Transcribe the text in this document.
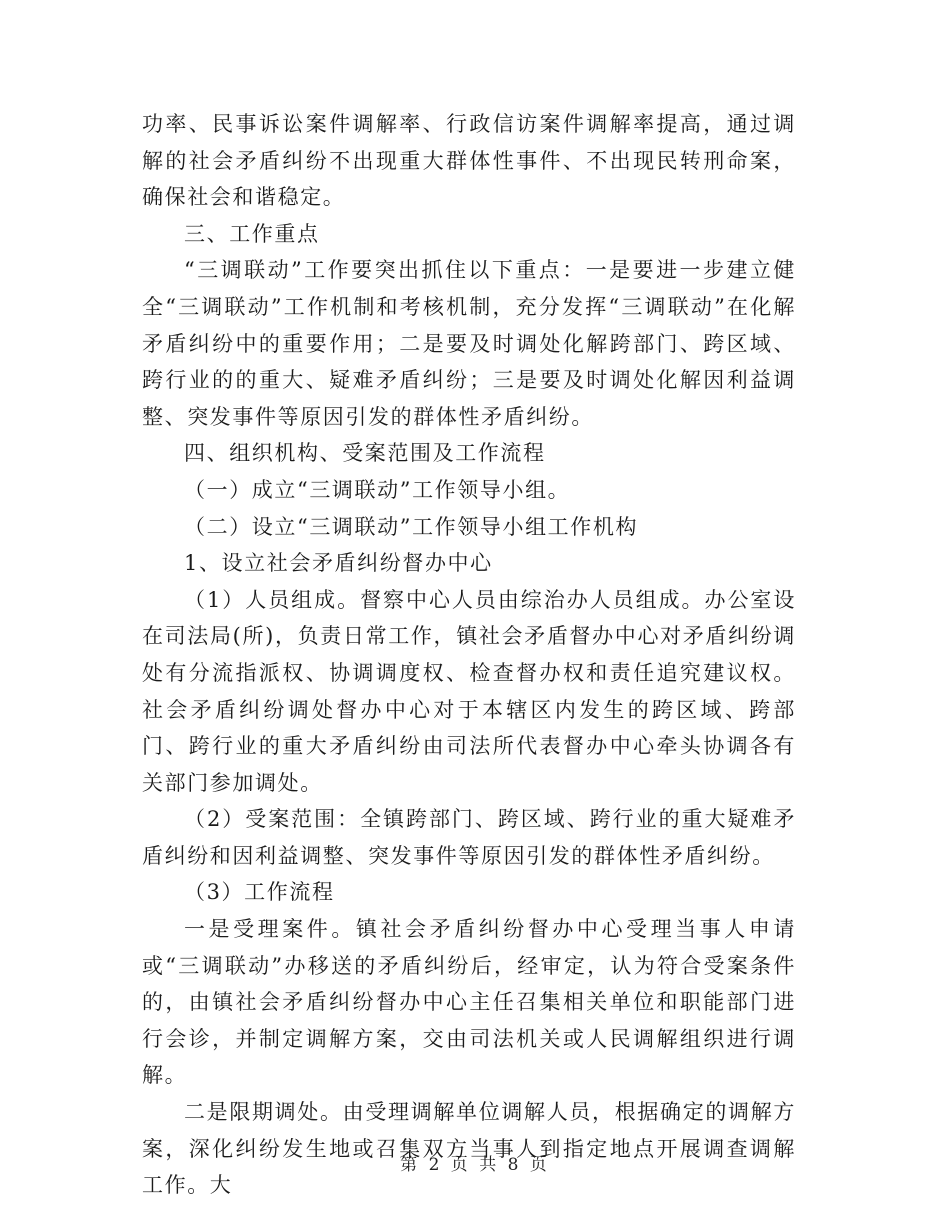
功率、民事诉讼案件调解率、行政信访案件调解率提高，通过调解的社会矛盾纠纷不出现重大群体性事件、不出现民转刑命案，确保社会和谐稳定。

三、工作重点

“三调联动”工作要突出抓住以下重点：一是要进一步建立健全“三调联动”工作机制和考核机制，充分发挥“三调联动”在化解矛盾纠纷中的重要作用；二是要及时调处化解跨部门、跨区域、跨行业的的重大、疑难矛盾纠纷；三是要及时调处化解因利益调整、突发事件等原因引发的群体性矛盾纠纷。

四、组织机构、受案范围及工作流程

（一）成立“三调联动”工作领导小组。

（二）设立“三调联动”工作领导小组工作机构

1、设立社会矛盾纠纷督办中心

（1）人员组成。督察中心人员由综治办人员组成。办公室设在司法局(所)，负责日常工作，镇社会矛盾督办中心对矛盾纠纷调处有分流指派权、协调调度权、检查督办权和责任追究建议权。社会矛盾纠纷调处督办中心对于本辖区内发生的跨区域、跨部门、跨行业的重大矛盾纠纷由司法所代表督办中心牵头协调各有关部门参加调处。

（2）受案范围：全镇跨部门、跨区域、跨行业的重大疑难矛盾纠纷和因利益调整、突发事件等原因引发的群体性矛盾纠纷。

（3）工作流程

一是受理案件。镇社会矛盾纠纷督办中心受理当事人申请或“三调联动”办移送的矛盾纠纷后，经审定，认为符合受案条件的，由镇社会矛盾纠纷督办中心主任召集相关单位和职能部门进行会诊，并制定调解方案，交由司法机关或人民调解组织进行调解。

二是限期调处。由受理调解单位调解人员，根据确定的调解方案，深化纠纷发生地或召集双方当事人到指定地点开展调查调解工作。大

第 2 页 共 8 页
